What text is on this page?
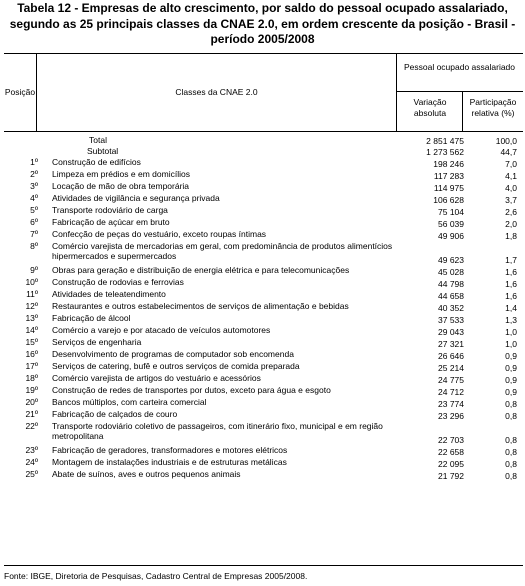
Tabela 12 - Empresas de alto crescimento, por saldo do pessoal ocupado assalariado, segundo as 25 principais classes da CNAE 2.0, em ordem crescente da posição - Brasil - período 2005/2008

Posição	Classes da CNAE 2.0
Pessoal ocupado assalariado
Variação absoluta
Participação relativa (%)
Total	2 851 475	100,0
Subtotal	1 273 562	44,7
1º Construção de edifícios	198 246	7,0
2º Limpeza em prédios e em domicílios	117 283	4,1
3º Locação de mão de obra temporária	114 975	4,0
4º Atividades de vigilância e segurança privada	106 628	3,7
5º Transporte rodoviário de carga	75 104	2,6
6º Fabricação de açúcar em bruto	56 039	2,0
7º Confecção de peças do vestuário, exceto roupas íntimas	49 906	1,8
8º Comércio varejista de mercadorias em geral, com predominância de produtos alimentícios hipermercados e supermercados	49 623	1,7
9º Obras para geração e distribuição de energia elétrica e para telecomunicações	45 028	1,6
10º Construção de rodovias e ferrovias	44 798	1,6
11º Atividades de teleatendimento	44 658	1,6
12º Restaurantes e outros estabelecimentos de serviços de alimentação e bebidas	40 352	1,4
13º Fabricação de álcool	37 533	1,3
14º Comércio a varejo e por atacado de veículos automotores	29 043	1,0
15º Serviços de engenharia	27 321	1,0
16º Desenvolvimento de programas de computador sob encomenda	26 646	0,9
17º Serviços de catering, bufê e outros serviços de comida preparada	25 214	0,9
18º Comércio varejista de artigos do vestuário e acessórios	24 775	0,9
19º Construção de redes de transportes por dutos, exceto para água e esgoto	24 712	0,9
20º Bancos múltiplos, com carteira comercial	23 774	0,8
21º Fabricação de calçados de couro	23 296	0,8
22º Transporte rodoviário coletivo de passageiros, com itinerário fixo, municipal e em região metropolitana	22 703	0,8
23º Fabricação de geradores, transformadores e motores elétricos	22 658	0,8
24º Montagem de instalações industriais e de estruturas metálicas	22 095	0,8
25º Abate de suínos, aves e outros pequenos animais	21 792	0,8
Fonte: IBGE, Diretoria de Pesquisas, Cadastro Central de Empresas 2005/2008.
